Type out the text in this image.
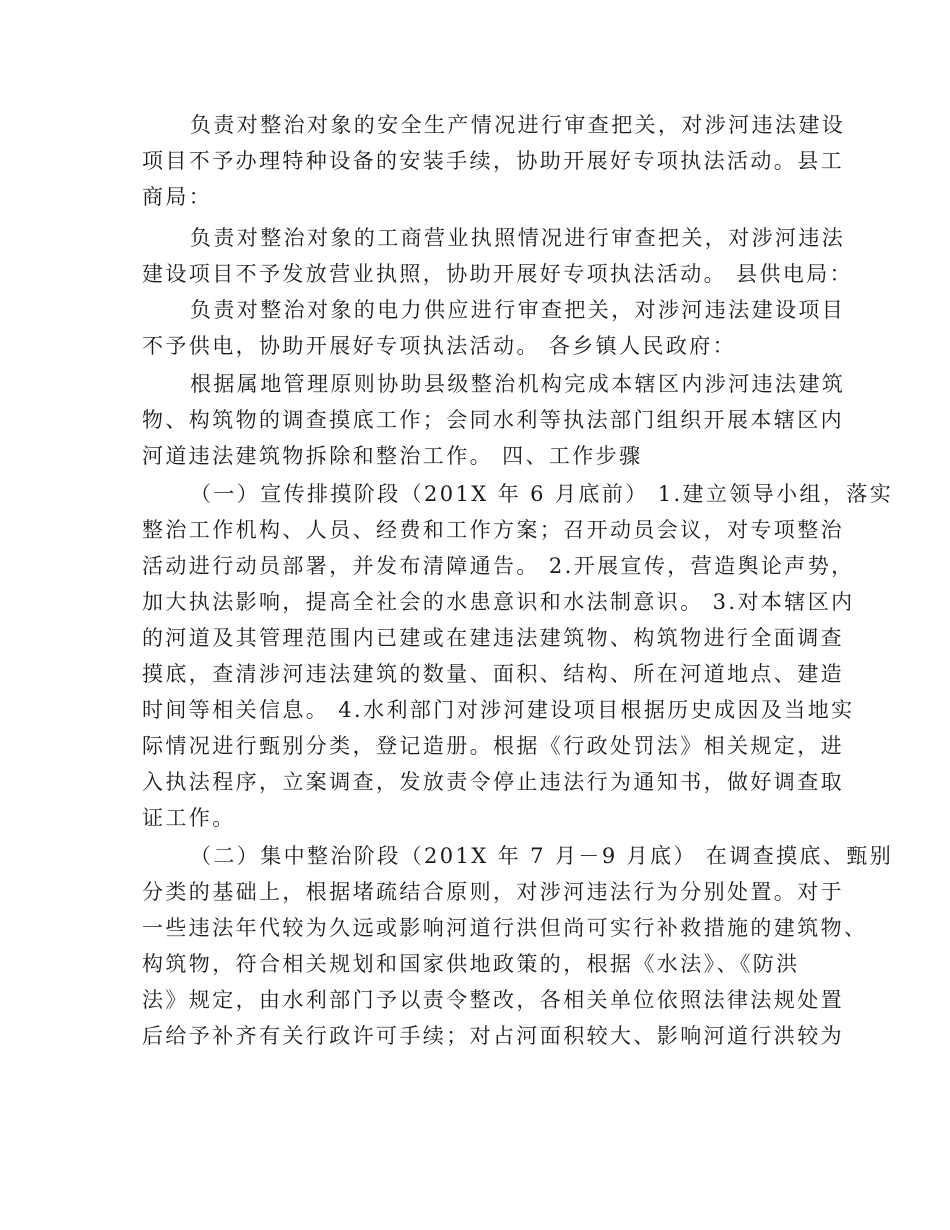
负责对整治对象的安全生产情况进行审查把关，对涉河违法建设
项目不予办理特种设备的安装手续，协助开展好专项执法活动。县工
商局：
负责对整治对象的工商营业执照情况进行审查把关，对涉河违法
建设项目不予发放营业执照，协助开展好专项执法活动。 县供电局：
负责对整治对象的电力供应进行审查把关，对涉河违法建设项目
不予供电，协助开展好专项执法活动。 各乡镇人民政府：
根据属地管理原则协助县级整治机构完成本辖区内涉河违法建筑
物、构筑物的调查摸底工作；会同水利等执法部门组织开展本辖区内
河道违法建筑物拆除和整治工作。 四、工作步骤
（一）宣传排摸阶段（201X 年 6 月底前） 1.建立领导小组，落实
整治工作机构、人员、经费和工作方案；召开动员会议，对专项整治
活动进行动员部署，并发布清障通告。 2.开展宣传，营造舆论声势，
加大执法影响，提高全社会的水患意识和水法制意识。 3.对本辖区内
的河道及其管理范围内已建或在建违法建筑物、构筑物进行全面调查
摸底，查清涉河违法建筑的数量、面积、结构、所在河道地点、建造
时间等相关信息。 4.水利部门对涉河建设项目根据历史成因及当地实
际情况进行甄别分类，登记造册。根据《行政处罚法》相关规定，进
入执法程序，立案调查，发放责令停止违法行为通知书，做好调查取
证工作。
（二）集中整治阶段（201X 年 7 月－9 月底） 在调查摸底、甄别
分类的基础上，根据堵疏结合原则，对涉河违法行为分别处置。对于
一些违法年代较为久远或影响河道行洪但尚可实行补救措施的建筑物、
构筑物，符合相关规划和国家供地政策的，根据《水法》、《防洪
法》规定，由水利部门予以责令整改，各相关单位依照法律法规处置
后给予补齐有关行政许可手续；对占河面积较大、影响河道行洪较为
